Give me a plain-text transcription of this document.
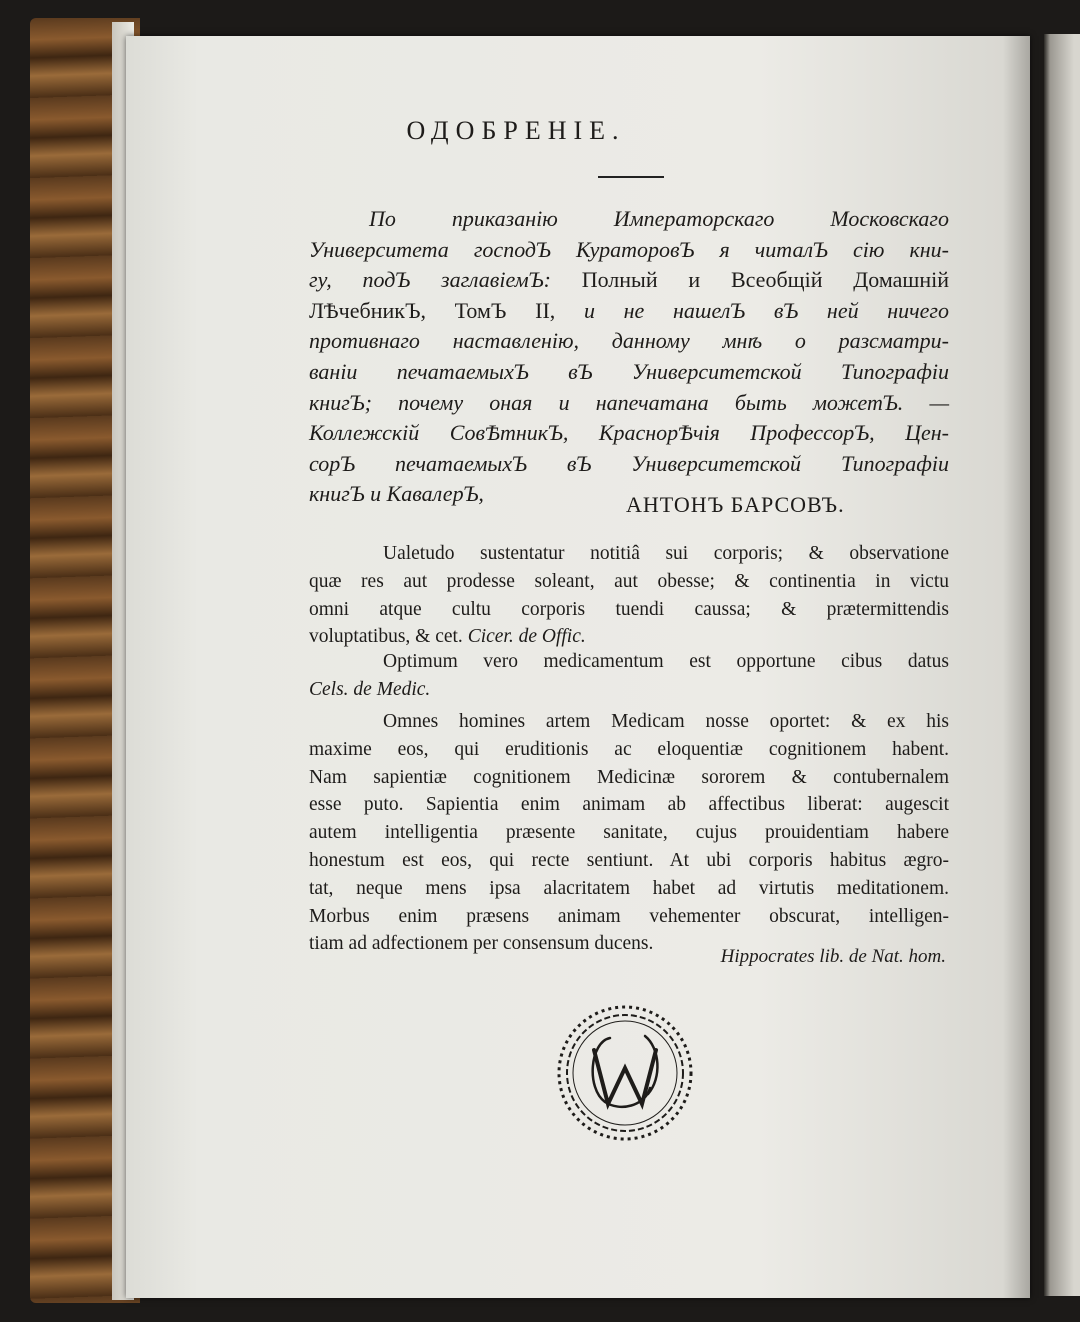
ОДОБРЕНІЕ.
По приказанію Императорскаго Московскаго
Университета господЪ КураторовЪ я читалЪ сію кни-
гу, подЪ заглавіемЪ: Полный и Всеобщій Домашній
ЛѢчебникЪ, ТомЪ II, и не нашелЪ вЪ ней ничего
противнаго наставленію, данному мнѣ о разсматри-
ваніи печатаемыхЪ вЪ Университетской Типографіи
книгЪ; почему оная и напечатана быть можетЪ. —
Коллежскій СовѢтникЪ, КраснорѢчія ПрофессорЪ, Цен-
сорЪ печатаемыхЪ вЪ Университетской Типографіи
книгЪ и КавалерЪ,	АНТОНЪ БАРСОВЪ.
Ualetudo sustentatur notitiâ sui corporis; & observatione
quæ res aut prodesse soleant, aut obesse; & continentia in victu
omni atque cultu corporis tuendi caussa; & prætermittendis
voluptatibus, & cet. Cicer. de Offic.
Optimum vero medicamentum est opportune cibus datus
Cels. de Medic.
Omnes homines artem Medicam nosse oportet: & ex his
maxime eos, qui eruditionis ac eloquentiæ cognitionem habent.
Nam sapientiæ cognitionem Medicinæ sororem & contubernalem
esse puto. Sapientia enim animam ab affectibus liberat: augescit
autem intelligentia præsente sanitate, cujus prouidentiam habere
honestum est eos, qui recte sentiunt. At ubi corporis habitus ægro-
tat, neque mens ipsa alacritatem habet ad virtutis meditationem.
Morbus enim præsens animam vehementer obscurat, intelligen-
tiam ad adfectionem per consensum ducens.
Hippocrates lib. de Nat. hom.
